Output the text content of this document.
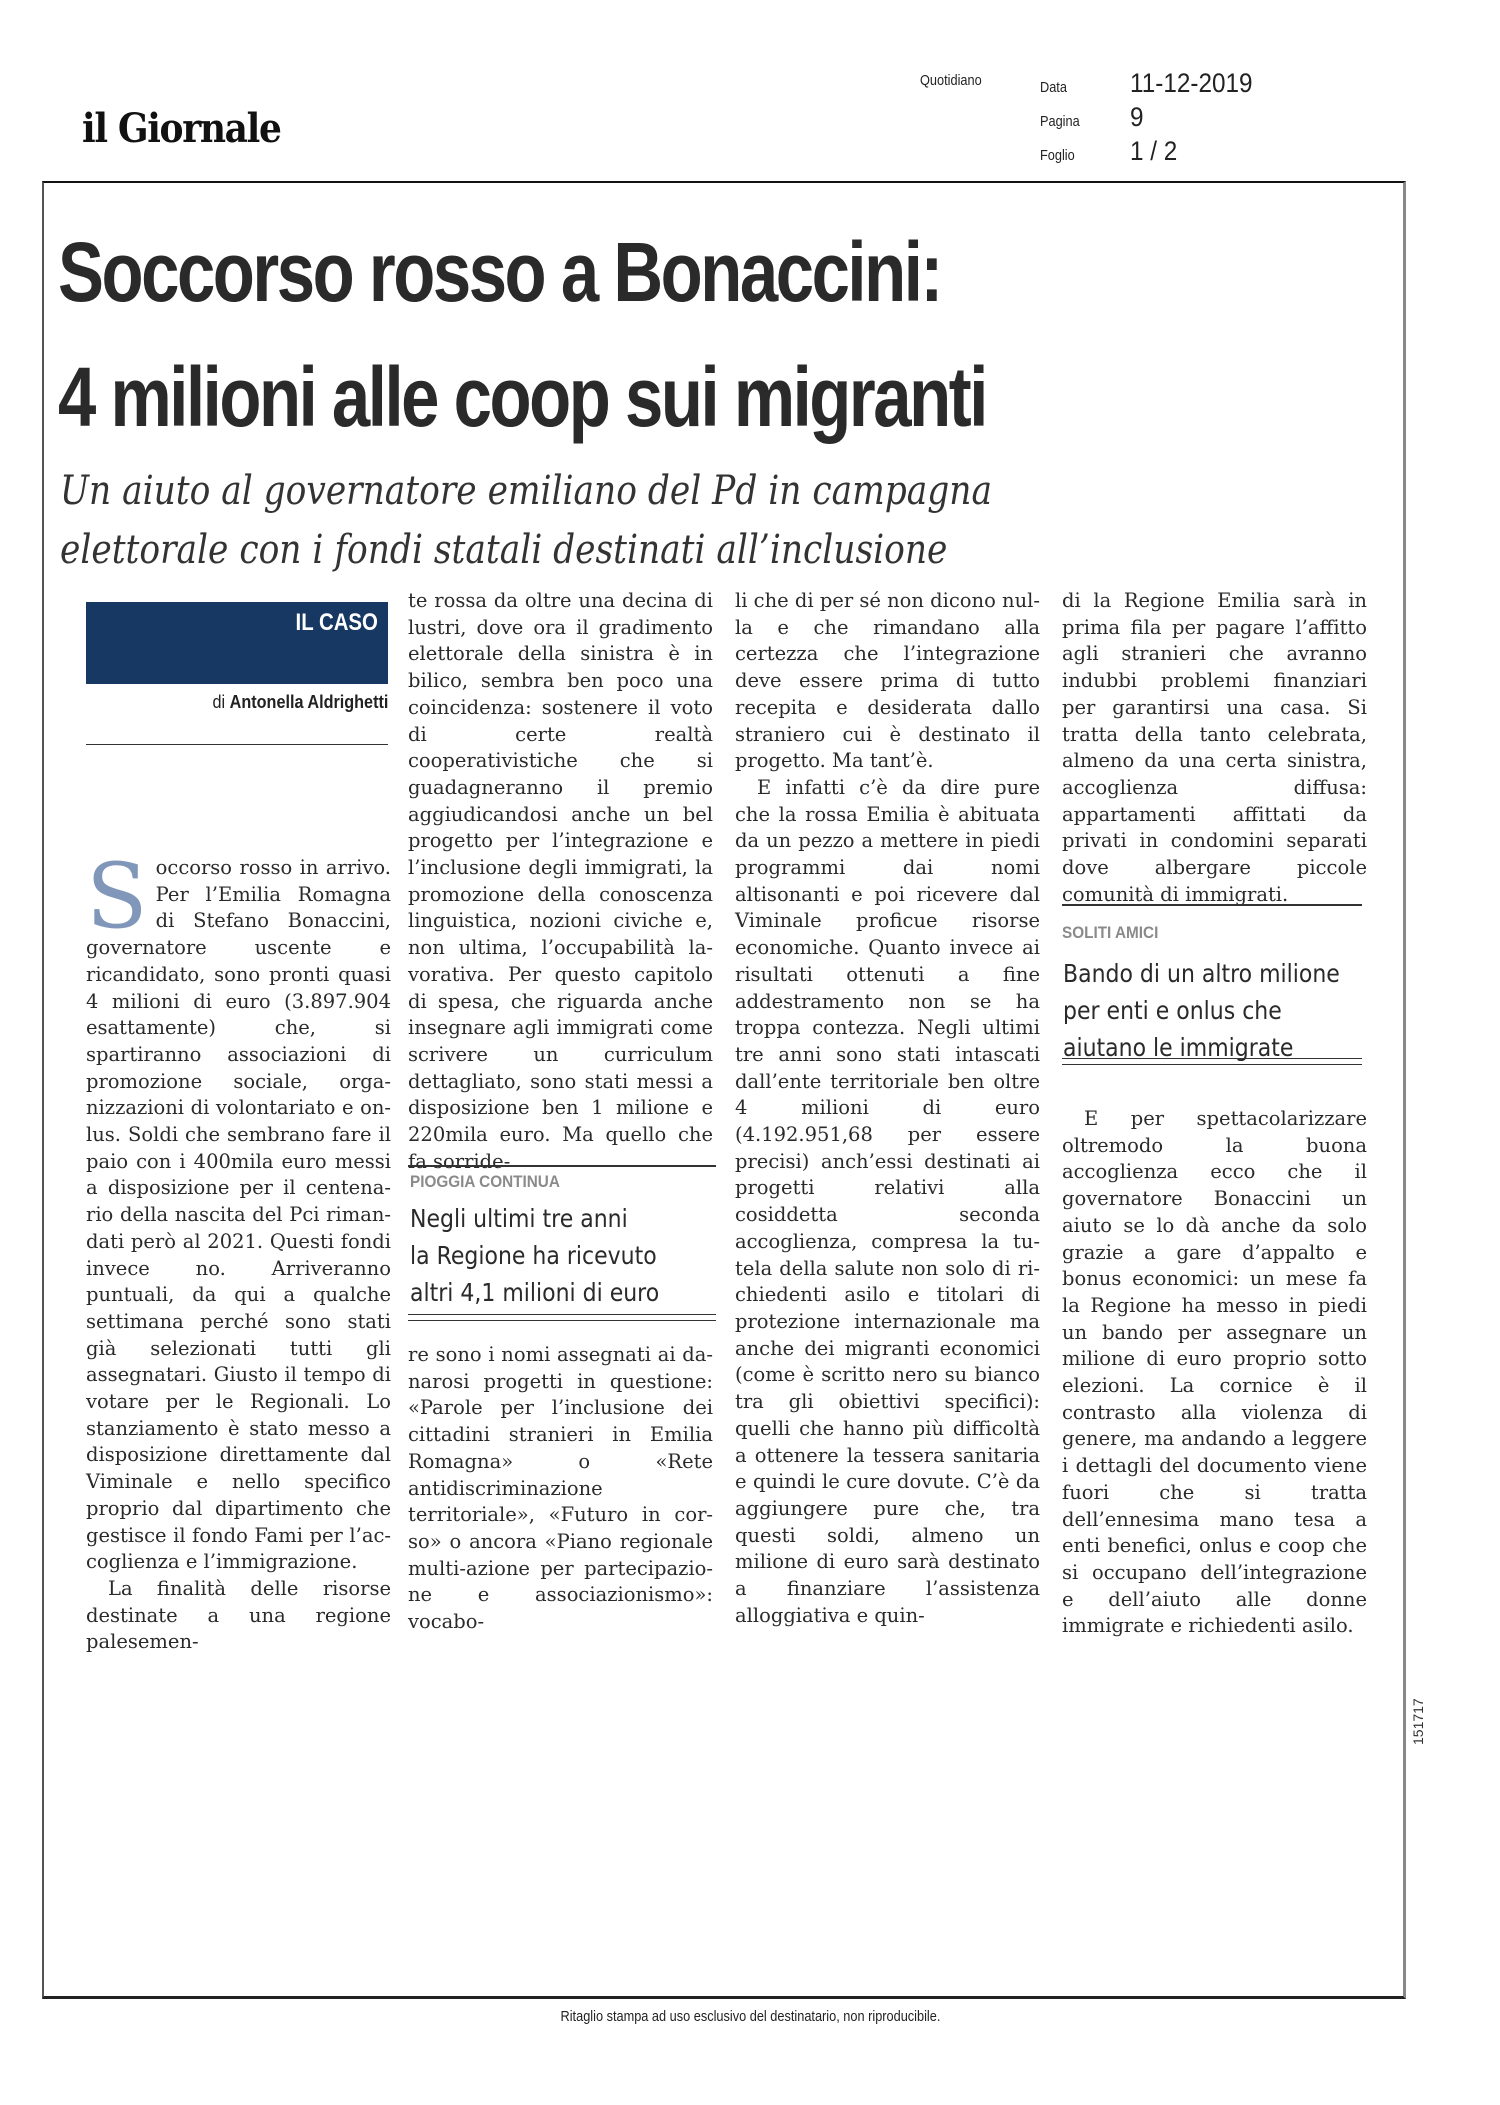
il Giornale
Quotidiano	Data 11-12-2019
Pagina 9
Foglio 1 / 2
Soccorso rosso a Bonaccini:
4 milioni alle coop sui migranti
Un aiuto al governatore emiliano del Pd in campagna
elettorale con i fondi statali destinati all’inclusione
IL CASO
di Antonella Aldrighetti

Soccorso rosso in arrivo. Per l’Emilia Romagna di Stefano Bonaccini, governatore uscente e ricandidato, sono pronti quasi 4 milioni di euro (3.897.904 esattamente) che, si spartiranno associazioni di promozione sociale, organizzazioni di volontariato e onlus. Soldi che sembrano fare il paio con i 400mila euro messi a disposizione per il centenario della nascita del Pci rimandati però al 2021. Questi fondi invece no. Arriveranno puntuali, da qui a qualche settimana perché sono stati già selezionati tutti gli assegnatari. Giusto il tempo di votare per le Regionali. Lo stanziamento è stato messo a disposizione direttamente dal Viminale e nello specifico proprio dal dipartimento che gestisce il fondo Fami per l’accoglienza e l’immigrazione.

La finalità delle risorse destinate a una regione palesemen-

te rossa da oltre una decina di lustri, dove ora il gradimento elettorale della sinistra è in bilico, sembra ben poco una coincidenza: sostenere il voto di certe realtà cooperativistiche che si guadagneranno il premio aggiudicandosi anche un bel progetto per l’integrazione e l’inclusione degli immigrati, la promozione della conoscenza linguistica, nozioni civiche e, non ultima, l’occupabilità lavorativa. Per questo capitolo di spesa, che riguarda anche insegnare agli immigrati come scrivere un curriculum dettagliato, sono stati messi a disposizione ben 1 milione e 220mila euro. Ma quello che fa sorride-

PIOGGIA CONTINUA
Negli ultimi tre anni
la Regione ha ricevuto
altri 4,1 milioni di euro

re sono i nomi assegnati ai danarosi progetti in questione: «Parole per l’inclusione dei cittadini stranieri in Emilia Romagna» o «Rete antidiscriminazione territoriale», «Futuro in corso» o ancora «Piano regionale multi-azione per partecipazione e associazionismo»: vocabo-

li che di per sé non dicono nulla e che rimandano alla certezza che l’integrazione deve essere prima di tutto recepita e desiderata dallo straniero cui è destinato il progetto. Ma tant’è.

E infatti c’è da dire pure che la rossa Emilia è abituata da un pezzo a mettere in piedi programmi dai nomi altisonanti e poi ricevere dal Viminale proficue risorse economiche. Quanto invece ai risultati ottenuti a fine addestramento non se ha troppa contezza. Negli ultimi tre anni sono stati intascati dall’ente territoriale ben oltre 4 milioni di euro (4.192.951,68 per essere precisi) anch’essi destinati ai progetti relativi alla cosiddetta seconda accoglienza, compresa la tutela della salute non solo di richiedenti asilo e titolari di protezione internazionale ma anche dei migranti economici (come è scritto nero su bianco tra gli obiettivi specifici): quelli che hanno più difficoltà a ottenere la tessera sanitaria e quindi le cure dovute. C’è da aggiungere pure che, tra questi soldi, almeno un milione di euro sarà destinato a finanziare l’assistenza alloggiativa e quin-

di la Regione Emilia sarà in prima fila per pagare l’affitto agli stranieri che avranno indubbi problemi finanziari per garantirsi una casa. Si tratta della tanto celebrata, almeno da una certa sinistra, accoglienza diffusa: appartamenti affittati da privati in condomini separati dove albergare piccole comunità di immigrati.

SOLITI AMICI
Bando di un altro milione
per enti e onlus che
aiutano le immigrate

E per spettacolarizzare oltremodo la buona accoglienza ecco che il governatore Bonaccini un aiuto se lo dà anche da solo grazie a gare d’appalto e bonus economici: un mese fa la Regione ha messo in piedi un bando per assegnare un milione di euro proprio sotto elezioni. La cornice è il contrasto alla violenza di genere, ma andando a leggere i dettagli del documento viene fuori che si tratta dell’ennesima mano tesa a enti benefici, onlus e coop che si occupano dell’integrazione e dell’aiuto alle donne immigrate e richiedenti asilo.

151717
Ritaglio stampa ad uso esclusivo del destinatario, non riproducibile.
